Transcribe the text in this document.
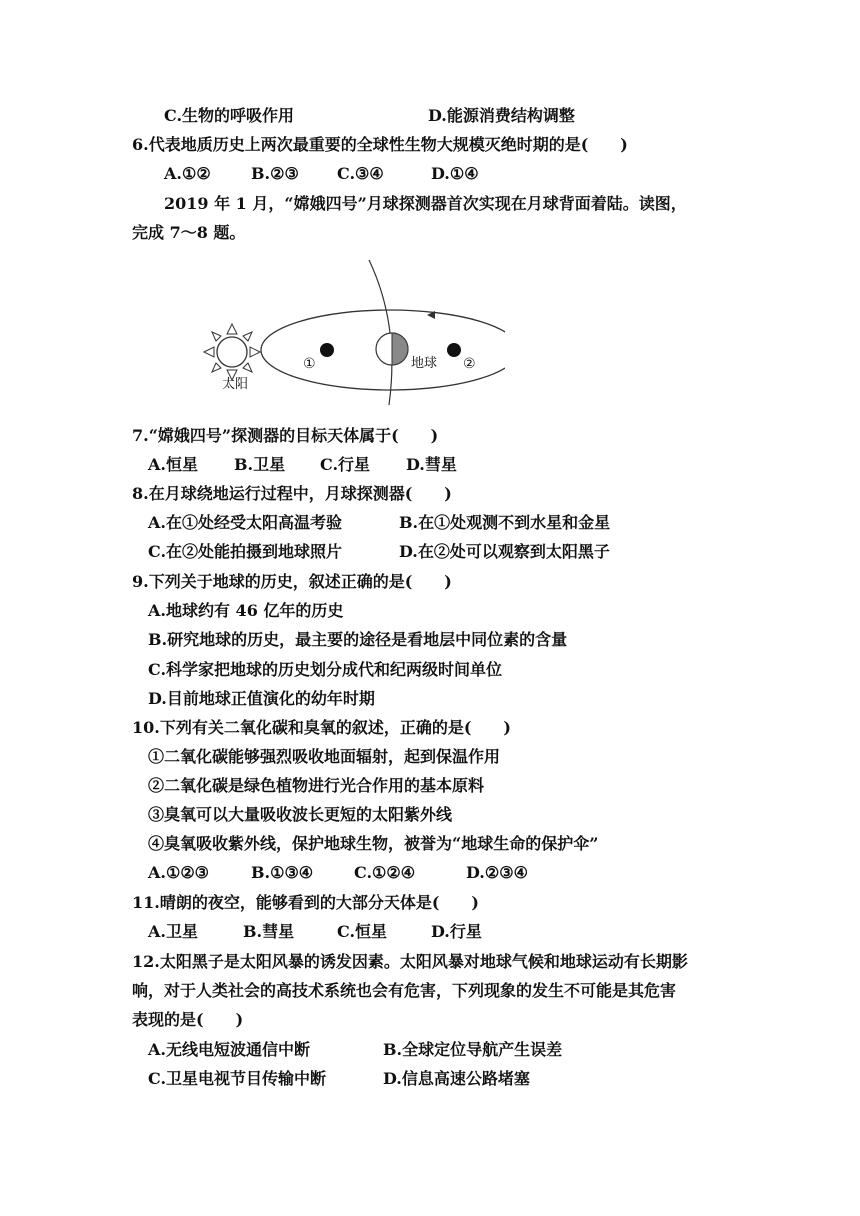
C.生物的呼吸作用	D.能源消费结构调整
6.代表地质历史上两次最重要的全球性生物大规模灭绝时期的是(　　)
A.①②	B.②③ C.③④	D.①④
2019 年 1 月，“嫦娥四号”月球探测器首次实现在月球背面着陆。读图，
完成 7～8 题。
太阳
地球
①	②
7.“嫦娥四号”探测器的目标天体属于(　　)
A.恒星 B.卫星 C.行星 D.彗星
8.在月球绕地运行过程中，月球探测器(　　)
A.在①处经受太阳高温考验	B.在①处观测不到水星和金星
C.在②处能拍摄到地球照片	D.在②处可以观察到太阳黑子
9.下列关于地球的历史，叙述正确的是(　　)
A.地球约有 46 亿年的历史
B.研究地球的历史，最主要的途径是看地层中同位素的含量
C.科学家把地球的历史划分成代和纪两级时间单位
D.目前地球正值演化的幼年时期
10.下列有关二氧化碳和臭氧的叙述，正确的是(　　)
①二氧化碳能够强烈吸收地面辐射，起到保温作用
②二氧化碳是绿色植物进行光合作用的基本原料
③臭氧可以大量吸收波长更短的太阳紫外线
④臭氧吸收紫外线，保护地球生物，被誉为“地球生命的保护伞”
A.①②③	B.①③④	C.①②④	D.②③④
11.晴朗的夜空，能够看到的大部分天体是(　　)
A.卫星	B.彗星	C.恒星	D.行星
12.太阳黑子是太阳风暴的诱发因素。太阳风暴对地球气候和地球运动有长期影
响，对于人类社会的高技术系统也会有危害，下列现象的发生不可能是其危害
表现的是(　　)
A.无线电短波通信中断	B.全球定位导航产生误差
C.卫星电视节目传输中断	D.信息高速公路堵塞
